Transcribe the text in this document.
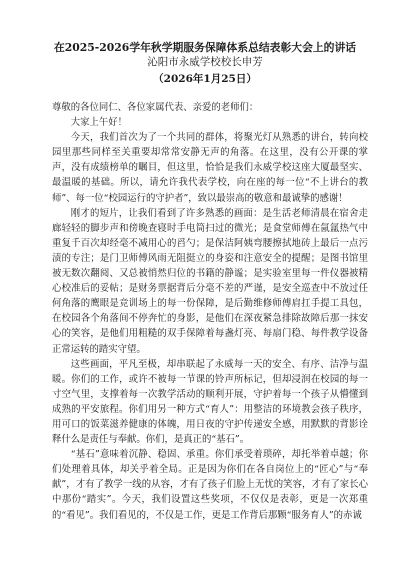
在2025-2026学年秋学期服务保障体系总结表彰大会上的讲话

沁阳市永威学校校长申芳

（2026年1月25日）

尊敬的各位同仁、各位家属代表、亲爱的老师们：

大家上午好！

今天，我们首次为了一个共同的群体，将聚光灯从熟悉的讲台，转向校园里那些同样至关重要却常常安静无声的角落。在这里，没有公开课的掌声，没有成绩榜单的瞩目，但这里，恰恰是我们永威学校这座大厦最坚实、最温暖的基础。所以，请允许我代表学校，向在座的每一位“不上讲台的教师”、每一位“校园运行的守护者”，致以最崇高的敬意和最诚挚的感谢！

刚才的短片，让我们看到了许多熟悉的画面：是生活老师清晨在宿舍走廊轻轻的脚步声和傍晚查寝时手电筒扫过的微光；是食堂师傅在氤氲热气中重复千百次却经毫不减用心的舀勺；是保洁阿姨弯腰擦拭地砖上最后一点污渍的专注；是门卫师傅风雨无阻挺立的身姿和注意安全的提醒；是图书馆里被无数次翻阅、又总被悄然归位的书籍的静谧；是实验室里每一件仪器被精心校准后的妥帖；是财务票据背后分毫不差的严谨，是安全巡查中不放过任何角落的鹰眼是竞训场上的每一份保障，是后勤维修师傅肩扛手提工具包，在校园各个角落间不停奔忙的身影，是他们在深夜紧急排除故障后那一抹安心的笑容，是他们用粗糙的双手保障着每盏灯亮、每扇门稳、每件教学设备正常运转的踏实守望。

这些画面，平凡至极，却串联起了永威每一天的安全、有序、洁净与温暖。你们的工作，或许不被每一节课的铃声所标记，但却浸润在校园的每一寸空气里，支撑着每一次教学活动的顺利开展，守护着每一个孩子从懵懂到成熟的平安旅程。你们用另一种方式“育人”：用整洁的环境教会孩子秩序，用可口的饭菜滋养健康的体魄，用日夜的守护传递安全感，用默默的背影诠释什么是责任与奉献。你们，是真正的“基石”。

“基石”意味着沉静、稳固、承重。你们承受着琐碎，却托举着卓越；你们处理着具体，却关乎着全局。正是因为你们在各自岗位上的“匠心”与“奉献”，才有了教学一线的从容，才有了孩子们脸上无忧的笑容，才有了家长心中那份“踏实”。今天，我们设置这些奖项，不仅仅是表彰，更是一次郑重的“看见”。我们看见的，不仅是工作，更是工作背后那颗“服务育人”的赤诚
